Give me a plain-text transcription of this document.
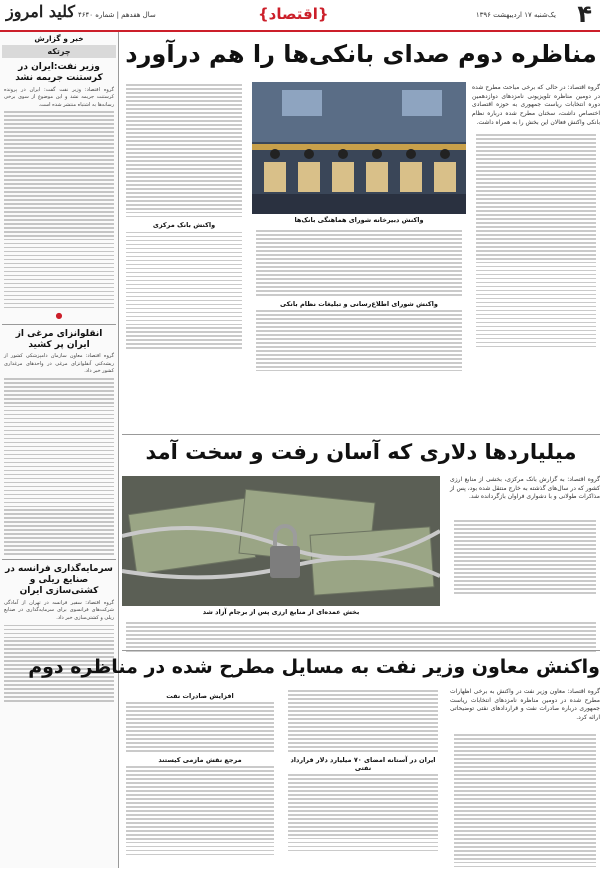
کلید امروز سال هفدهم | شماره ۴۶۴۰	{اقتصاد}	یک‌شنبه ۱۷ اردیبهشت ۱۳۹۶ ۴
خبر و گزارش
چرتکه
وزیر نفت:ایران در کرستنت جریمه نشد
گروه اقتصاد: وزیر نفت گفت: ایران در پرونده کرستنت جریمه نشد و این موضوع از سوی برخی رسانه‌ها به اشتباه منتشر شده است.
●
انقلوانزای مرغی از ایران پر کشید
گروه اقتصاد: معاون سازمان دامپزشکی کشور از ریشه‌کنی آنفلوانزای مرغی در واحدهای مرغداری کشور خبر داد.
سرمایه‌گذاری فرانسه در صنایع ریلی و کشتی‌سازی ایران
گروه اقتصاد: سفیر فرانسه در تهران از آمادگی شرکت‌های فرانسوی برای سرمایه‌گذاری در صنایع ریلی و کشتی‌سازی خبر داد.
مناظره دوم صدای بانکی‌ها را هم درآورد
گروه اقتصاد: در حالی که برخی مباحث مطرح شده در دومین مناظره تلویزیونی نامزدهای دوازدهمین دوره انتخابات ریاست جمهوری به حوزه اقتصادی اختصاص داشت، سخنان مطرح شده درباره نظام بانکی واکنش فعالان این بخش را به همراه داشت.
واکنش دبیرخانه شورای هماهنگی بانک‌ها
واکنش بانک مرکزی
واکنش شورای اطلاع‌رسانی و تبلیغات نظام بانکی
میلیاردها دلاری که آسان رفت و سخت آمد
گروه اقتصاد: به گزارش بانک مرکزی، بخشی از منابع ارزی کشور که در سال‌های گذشته به خارج منتقل شده بود، پس از مذاکرات طولانی و با دشواری فراوان بازگردانده شد.
بخش عمده‌ای از منابع ارزی پس از برجام آزاد شد
واکنش معاون وزیر نفت به مسایل مطرح شده در مناظره دوم
گروه اقتصاد: معاون وزیر نفت در واکنش به برخی اظهارات مطرح شده در دومین مناظره نامزدهای انتخابات ریاست جمهوری درباره صادرات نفت و قراردادهای نفتی توضیحاتی ارائه کرد.
ایران در آستانه امضای ۷۰ میلیارد دلار قرارداد نفتی
افزایش صادرات نفت
مرجع نقش مازمی کیستند
